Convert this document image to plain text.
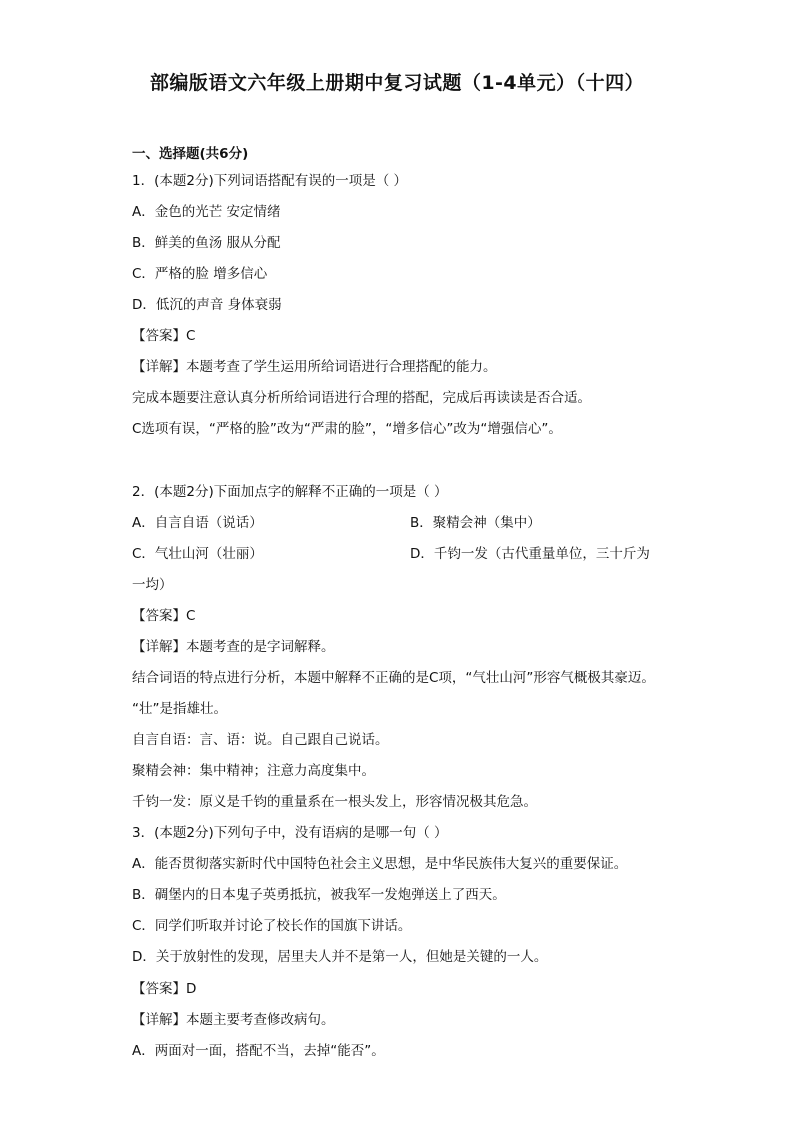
部编版语文六年级上册期中复习试题（1-4单元）（十四）
一、选择题(共6分)
1．(本题2分)下列词语搭配有误的一项是（ ）
A．金色的光芒 安定情绪
B．鲜美的鱼汤 服从分配
C．严格的脸 增多信心
D．低沉的声音 身体衰弱
【答案】C
【详解】本题考查了学生运用所给词语进行合理搭配的能力。
完成本题要注意认真分析所给词语进行合理的搭配，完成后再读读是否合适。
C选项有误，“严格的脸”改为“严肃的脸”，“增多信心”改为“增强信心”。
2．(本题2分)下面加点字的解释不正确的一项是（ ）
A．自言自语（说话）	B．聚精会神（集中）
C．气壮山河（壮丽）	D．千钧一发（古代重量单位，三十斤为
一均）
【答案】C
【详解】本题考查的是字词解释。
结合词语的特点进行分析，本题中解释不正确的是C项，“气壮山河”形容气概极其豪迈。
“壮”是指雄壮。
自言自语：言、语：说。自己跟自己说话。
聚精会神：集中精神；注意力高度集中。
千钧一发：原义是千钧的重量系在一根头发上，形容情况极其危急。
3．(本题2分)下列句子中，没有语病的是哪一句（ ）
A．能否贯彻落实新时代中国特色社会主义思想，是中华民族伟大复兴的重要保证。
B．碉堡内的日本鬼子英勇抵抗，被我军一发炮弹送上了西天。
C．同学们听取并讨论了校长作的国旗下讲话。
D．关于放射性的发现，居里夫人并不是第一人，但她是关键的一人。
【答案】D
【详解】本题主要考查修改病句。
A．两面对一面，搭配不当，去掉“能否”。
